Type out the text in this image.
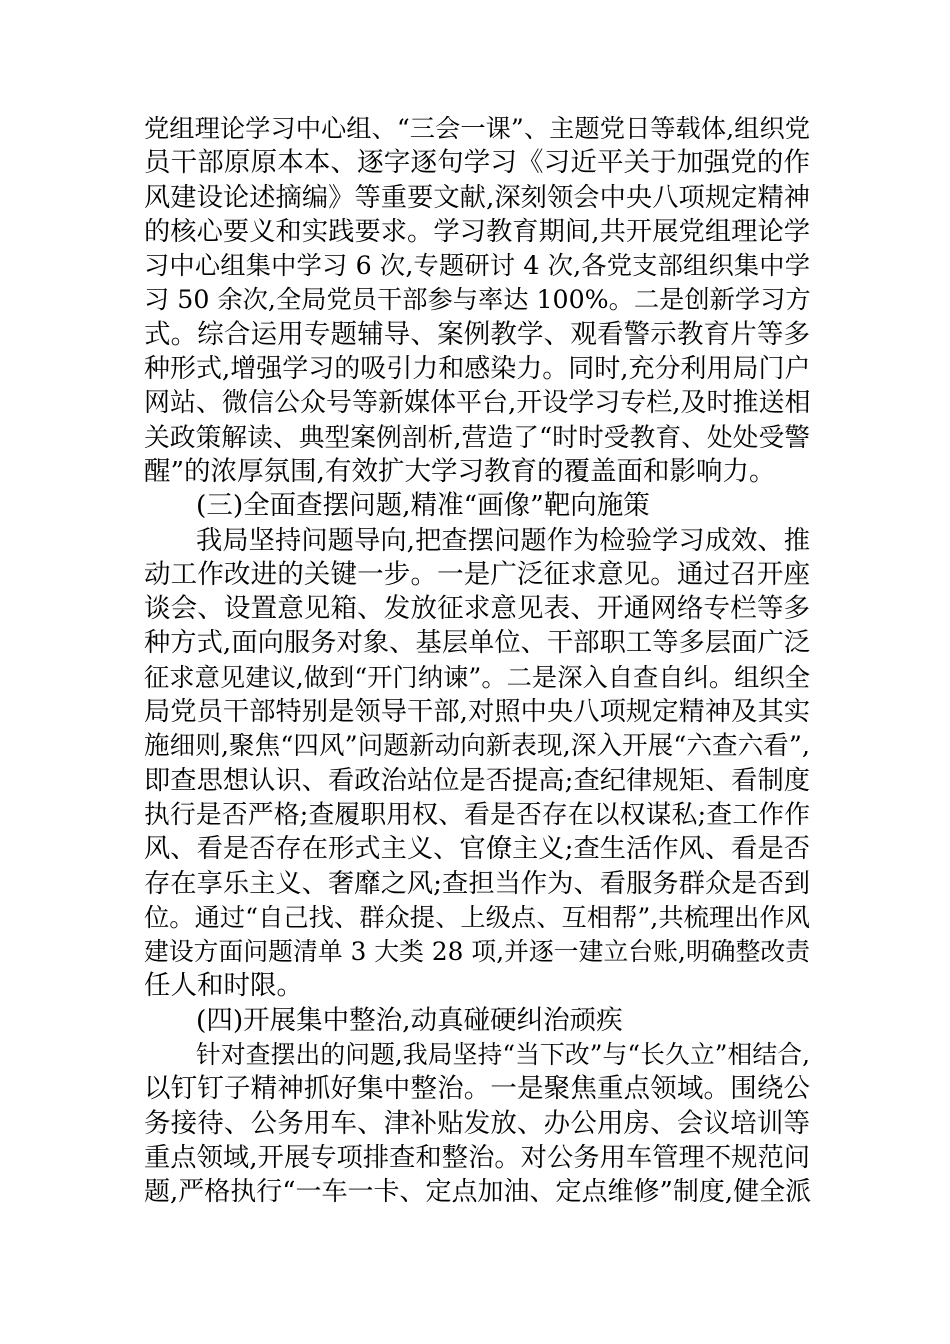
党组理论学习中心组、“三会一课”、主题党日等载体,组织党
员干部原原本本、逐字逐句学习《习近平关于加强党的作
风建设论述摘编》等重要文献,深刻领会中央八项规定精神
的核心要义和实践要求。学习教育期间,共开展党组理论学
习中心组集中学习 6 次,专题研讨 4 次,各党支部组织集中学
习 50 余次,全局党员干部参与率达 100%。二是创新学习方
式。综合运用专题辅导、案例教学、观看警示教育片等多
种形式,增强学习的吸引力和感染力。同时,充分利用局门户
网站、微信公众号等新媒体平台,开设学习专栏,及时推送相
关政策解读、典型案例剖析,营造了“时时受教育、处处受警
醒”的浓厚氛围,有效扩大学习教育的覆盖面和影响力。
(三)全面查摆问题,精准“画像”靶向施策
我局坚持问题导向,把查摆问题作为检验学习成效、推
动工作改进的关键一步。一是广泛征求意见。通过召开座
谈会、设置意见箱、发放征求意见表、开通网络专栏等多
种方式,面向服务对象、基层单位、干部职工等多层面广泛
征求意见建议,做到“开门纳谏”。二是深入自查自纠。组织全
局党员干部特别是领导干部,对照中央八项规定精神及其实
施细则,聚焦“四风”问题新动向新表现,深入开展“六查六看”,
即查思想认识、看政治站位是否提高;查纪律规矩、看制度
执行是否严格;查履职用权、看是否存在以权谋私;查工作作
风、看是否存在形式主义、官僚主义;查生活作风、看是否
存在享乐主义、奢靡之风;查担当作为、看服务群众是否到
位。通过“自己找、群众提、上级点、互相帮”,共梳理出作风
建设方面问题清单 3 大类 28 项,并逐一建立台账,明确整改责
任人和时限。
(四)开展集中整治,动真碰硬纠治顽疾
针对查摆出的问题,我局坚持“当下改”与“长久立”相结合,
以钉钉子精神抓好集中整治。一是聚焦重点领域。围绕公
务接待、公务用车、津补贴发放、办公用房、会议培训等
重点领域,开展专项排查和整治。对公务用车管理不规范问
题,严格执行“一车一卡、定点加油、定点维修”制度,健全派
